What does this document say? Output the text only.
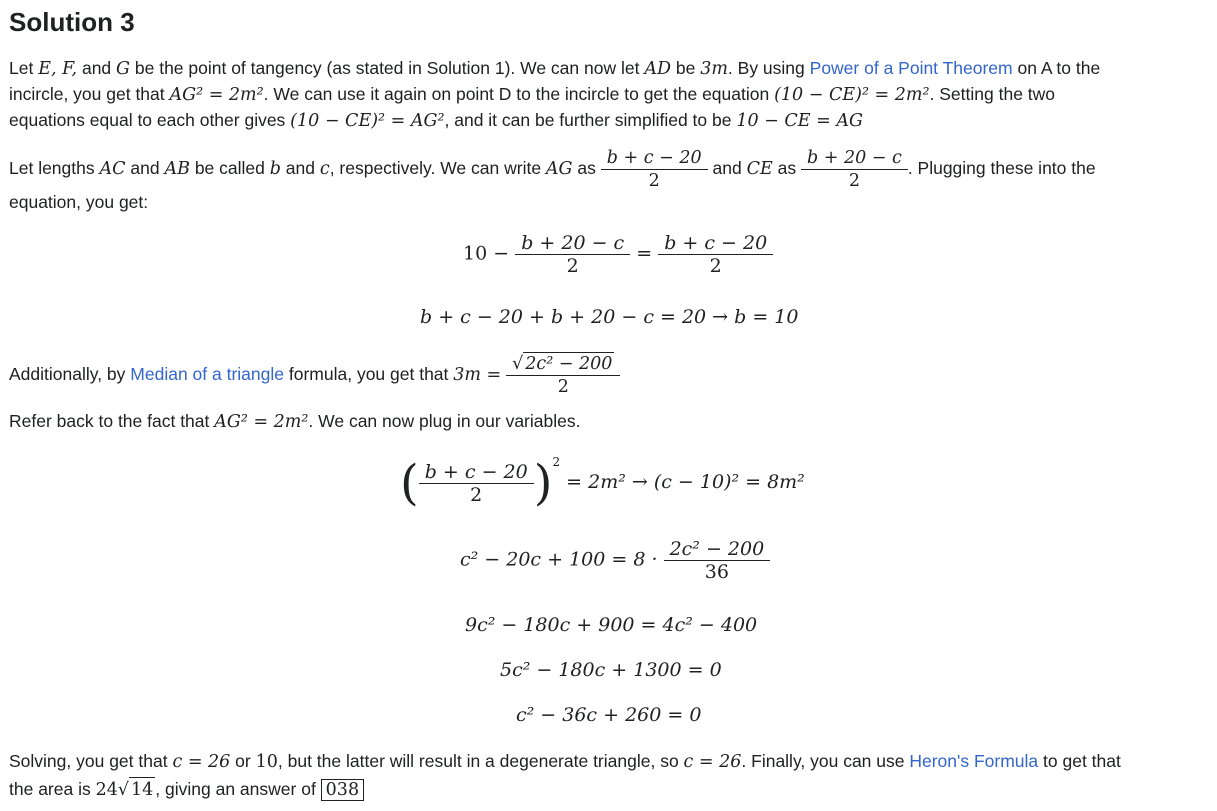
Solution 3
Let E, F, and G be the point of tangency (as stated in Solution 1). We can now let AD be 3m. By using Power of a Point Theorem on A to the
incircle, you get that AG² = 2m². We can use it again on point D to the incircle to get the equation (10 − CE)² = 2m². Setting the two
equations equal to each other gives (10 − CE)² = AG², and it can be further simplified to be 10 − CE = AG
Let lengths AC and AB be called b and c, respectively. We can write AG as $\frac{b + c - 20}{2}$ and CE as $\frac{b + 20 - c}{2}$ . Plugging these into the
equation, you get:
$10 - \frac{b + 20 - c}{2} = \frac{b + c - 20}{2}$
b + c − 20 + b + 20 − c = 20 → b = 10
Additionally, by Median of a triangle formula, you get that $3m = \frac{\text{√ 2c² − 200}}{2}$
Refer back to the fact that AG² = 2m². We can now plug in our variables.
( $\frac{b + c - 20}{2} )^2 = 2m^2 \to (c - 10)^2 = 8m^2$
$c^2 - 20c + 100 = 8 \cdot \frac{\text{2c² − 200}}{36}$
9c² − 180c + 900 = 4c² − 400
5c² − 180c + 1300 = 0
c² − 36c + 260 = 0
Solving, you get that c = 26 or 10, but the latter will result in a degenerate triangle, so c = 26. Finally, you can use Heron's Formula to get that
the area is 24√ 14 , giving an answer of 038
